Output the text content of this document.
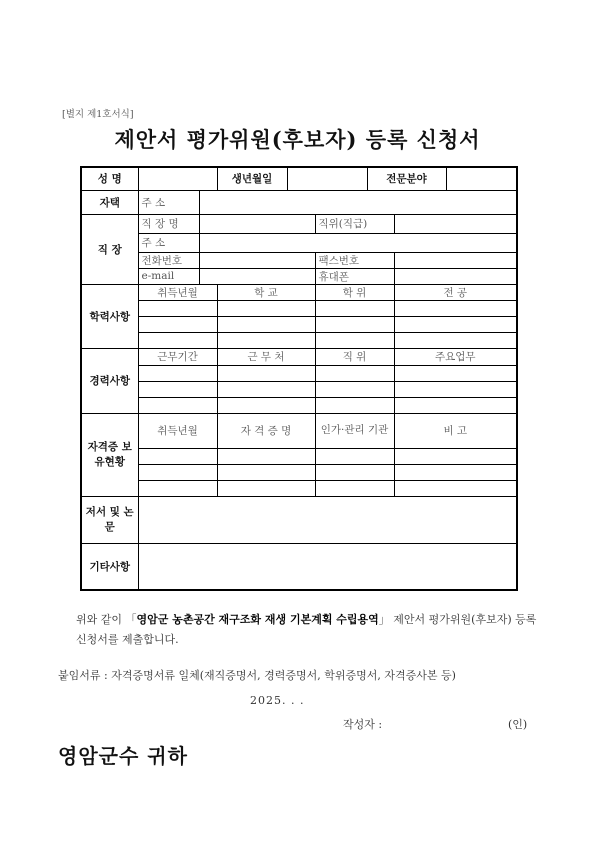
[별지 제1호서식]
제안서 평가위원(후보자) 등록 신청서
성 명			생년월일			전문분야		
자택	주 소							
직 장	직 장 명				직위(직급)			
	주 소							
	전화번호				팩스번호			
	e-mail				휴대폰			
학력사항	취득년월		학 교		학 위		전 공	

경력사항	근무기간		근 무 처		직 위		주요업무	

자격증 보유현황	취득년월		자 격 증 명		인가·관리 기관		비 고	

저서 및 논문								
기타사항								
위와 같이 「영암군 농촌공간 재구조화 재생 기본계획 수립용역」 제안서 평가위원(후보자) 등록 신청서를 제출합니다.
붙임서류 : 자격증명서류 일체(재직증명서, 경력증명서, 학위증명서, 자격증사본 등)
2025. . .
작성자 :	(인)
영암군수 귀하
